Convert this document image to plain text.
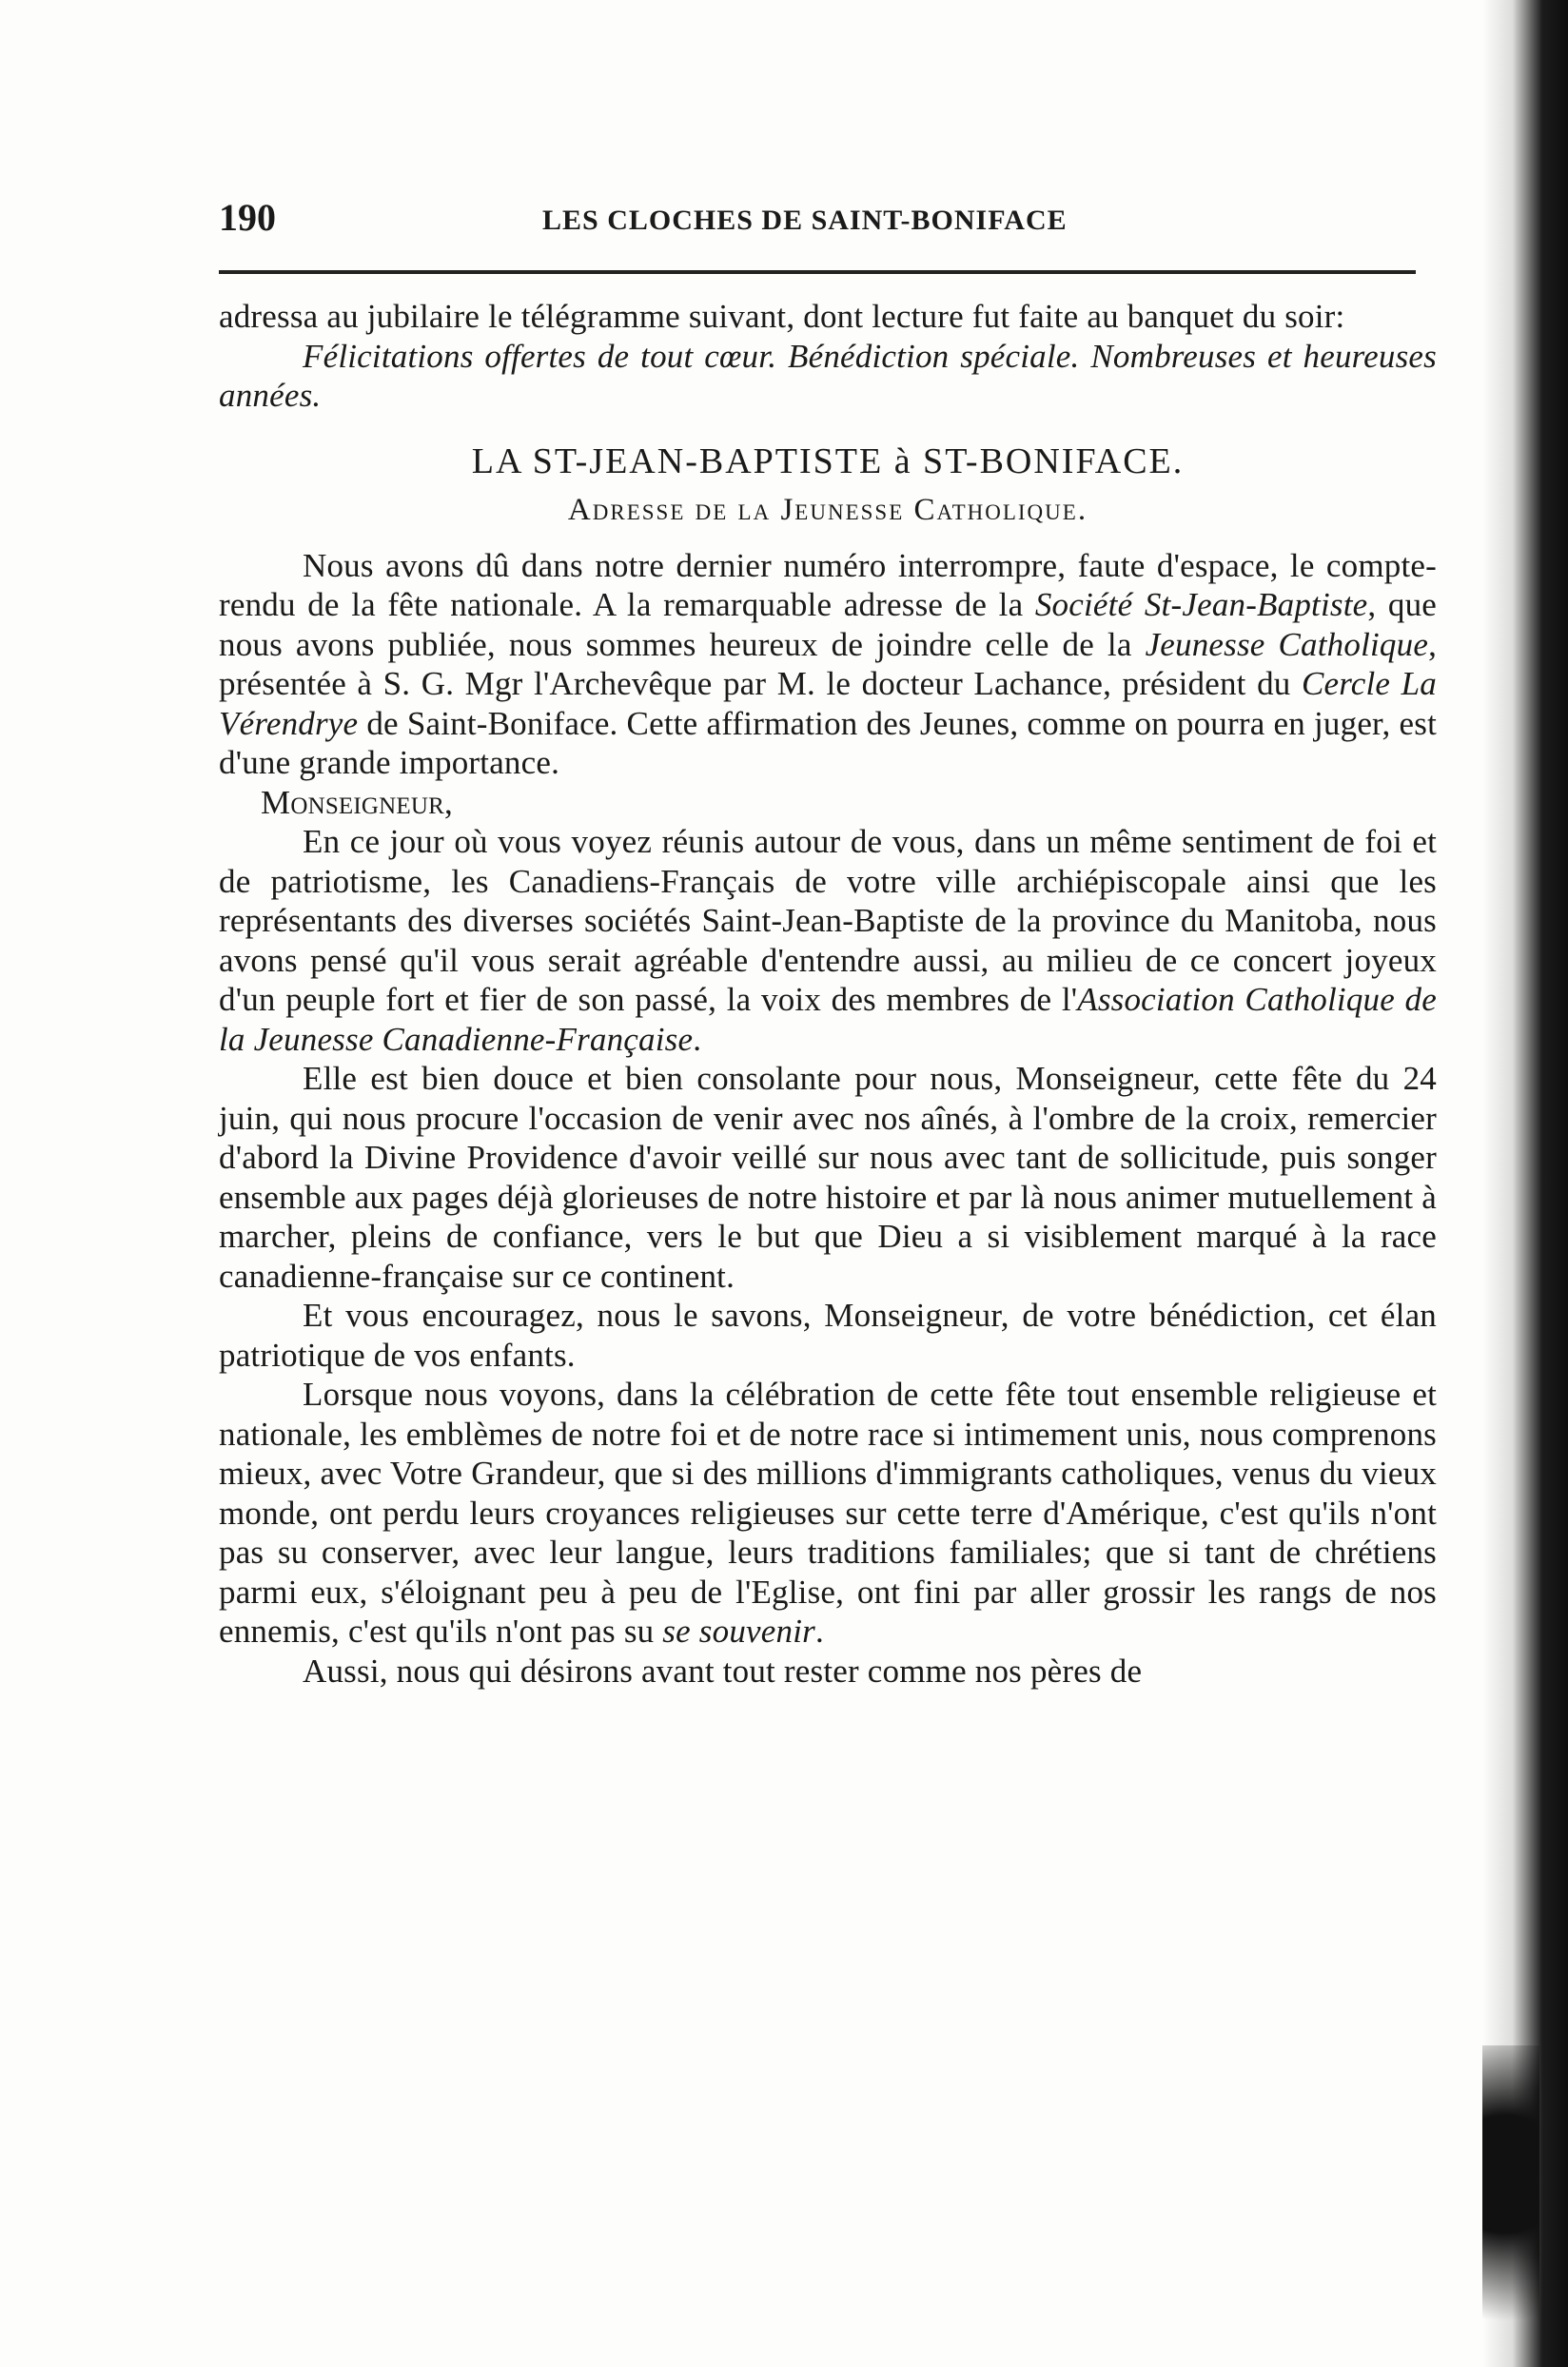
190	LES CLOCHES DE SAINT-BONIFACE

adressa au jubilaire le télégramme suivant, dont lecture fut faite au banquet du soir:

Félicitations offertes de tout cœur. Bénédiction spéciale. Nombreuses et heureuses années.

LA ST-JEAN-BAPTISTE à ST-BONIFACE.

Adresse de la Jeunesse Catholique.

Nous avons dû dans notre dernier numéro interrompre, faute d'espace, le compte-rendu de la fête nationale. A la remarquable adresse de la Société St-Jean-Baptiste, que nous avons publiée, nous sommes heureux de joindre celle de la Jeunesse Catholique, présentée à S. G. Mgr l'Archevêque par M. le docteur Lachance, président du Cercle La Vérendrye de Saint-Boniface. Cette affirmation des Jeunes, comme on pourra en juger, est d'une grande importance.

Monseigneur,

En ce jour où vous voyez réunis autour de vous, dans un même sentiment de foi et de patriotisme, les Canadiens-Français de votre ville archiépiscopale ainsi que les représentants des diverses sociétés Saint-Jean-Baptiste de la province du Manitoba, nous avons pensé qu'il vous serait agréable d'entendre aussi, au milieu de ce concert joyeux d'un peuple fort et fier de son passé, la voix des membres de l'Association Catholique de la Jeunesse Canadienne-Française.

Elle est bien douce et bien consolante pour nous, Monseigneur, cette fête du 24 juin, qui nous procure l'occasion de venir avec nos aînés, à l'ombre de la croix, remercier d'abord la Divine Providence d'avoir veillé sur nous avec tant de sollicitude, puis songer ensemble aux pages déjà glorieuses de notre histoire et par là nous animer mutuellement à marcher, pleins de confiance, vers le but que Dieu a si visiblement marqué à la race canadienne-française sur ce continent.

Et vous encouragez, nous le savons, Monseigneur, de votre bénédiction, cet élan patriotique de vos enfants.

Lorsque nous voyons, dans la célébration de cette fête tout ensemble religieuse et nationale, les emblèmes de notre foi et de notre race si intimement unis, nous comprenons mieux, avec Votre Grandeur, que si des millions d'immigrants catholiques, venus du vieux monde, ont perdu leurs croyances religieuses sur cette terre d'Amérique, c'est qu'ils n'ont pas su conserver, avec leur langue, leurs traditions familiales; que si tant de chrétiens parmi eux, s'éloignant peu à peu de l'Eglise, ont fini par aller grossir les rangs de nos ennemis, c'est qu'ils n'ont pas su se souvenir.

Aussi, nous qui désirons avant tout rester comme nos pères de
